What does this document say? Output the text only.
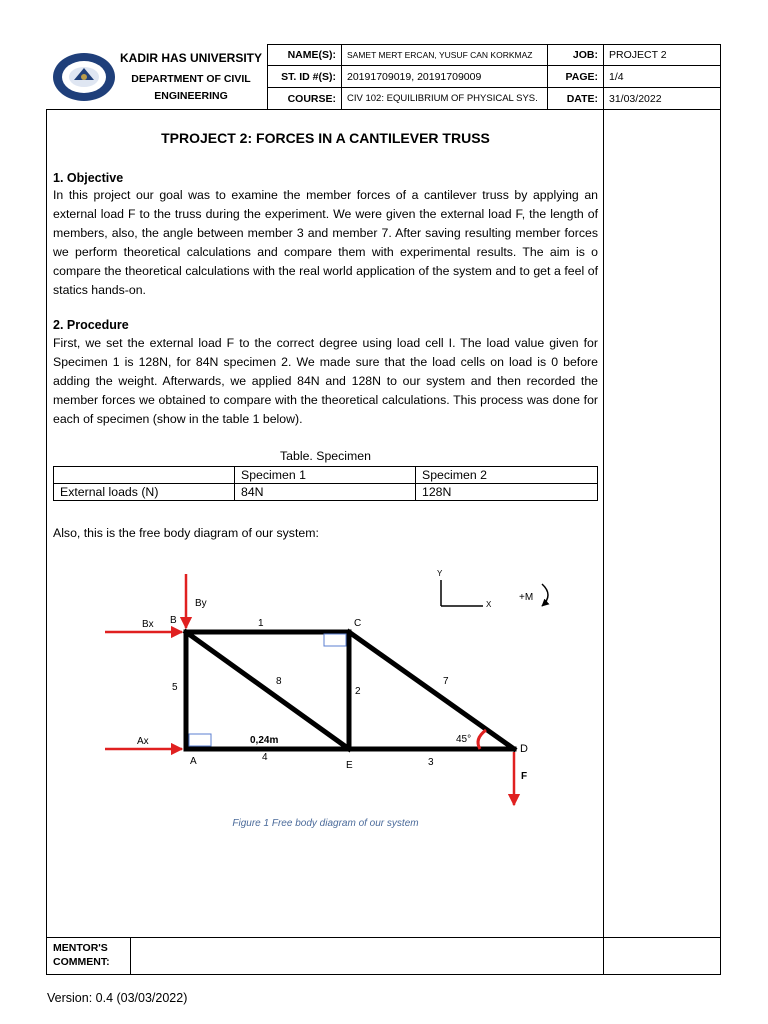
KADIR HAS UNIVERSITY
DEPARTMENT OF CIVIL
ENGINEERING
NAME(S):	SAMET MERT ERCAN, YUSUF CAN KORKMAZ	JOB:	PROJECT 2
ST. ID #(S):	20191709019, 20191709009	PAGE:	1/4
COURSE:	CIV 102: EQUILIBRIUM OF PHYSICAL SYS.	DATE:	31/03/2022
TPROJECT 2: FORCES IN A CANTILEVER TRUSS
1. Objective
In this project our goal was to examine the member forces of a cantilever truss by applying an external load F to the truss during the experiment. We were given the external load F, the length of members, also, the angle between member 3 and member 7. After saving resulting member forces we perform theoretical calculations and compare them with experimental results. The aim is o compare the theoretical calculations with the real world application of the system and to get a feel of statics hands-on.
2. Procedure
First, we set the external load F to the correct degree using load cell I. The load value given for Specimen 1 is 128N, for 84N specimen 2. We made sure that the load cells on load is 0 before adding the weight. Afterwards, we applied 84N and 128N to our system and then recorded the member forces we obtained to compare with the theoretical calculations. This process was done for each of specimen (show in the table 1 below).
Table. Specimen
	Specimen 1	Specimen 2
External loads (N)	84N	128N
Also, this is the free body diagram of our system:
B	C
A	E
D
1
2
3
4
5
7
8
By
Bx
Ax
F
0,24m	45°
Y
X
+M
Figure 1 Free body diagram of our system
MENTOR'S
COMMENT:
Version: 0.4 (03/03/2022)
